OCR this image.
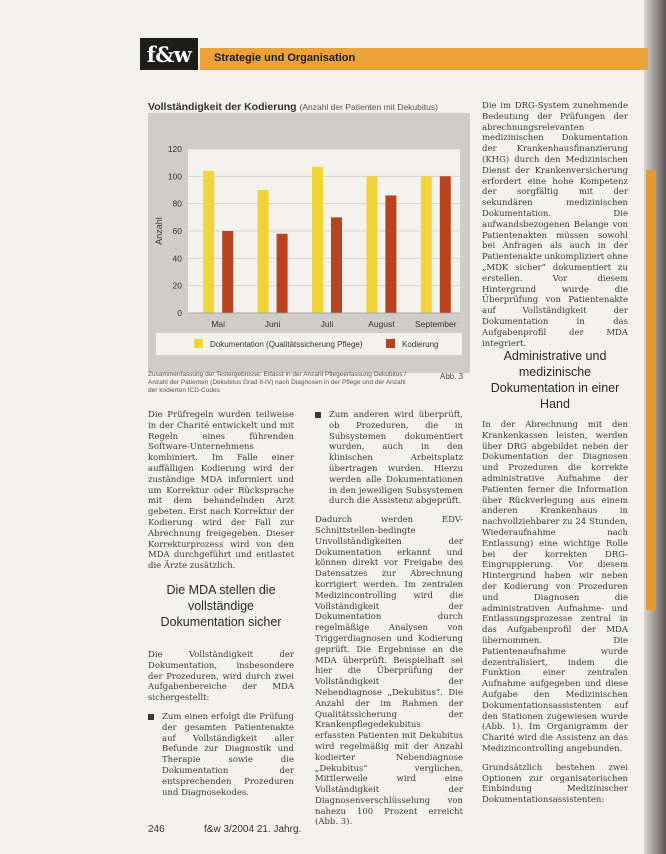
f&w	Strategie und Organisation
Vollständigkeit der Kodierung (Anzahl der Patienten mit Dekubitus)
0
20
40
60
80
100
120
Anzahl
Mai	Juni	Juli	August September
Dokumentation (Qualitätssicherung Pflege)	Kodierung
Zusammenfassung der Testergebnisse: Erfasst in der Anzahl Pflegeerfassung Dekubitus / Anzahl der Patienten (Dekubitus Grad II-IV) nach Diagnosen in der Pflege und der Anzahl der kodierten ICD-Codes
Abb. 3

Die Prüfregeln wurden teilweise in der Charité entwickelt und mit Regeln eines führenden Software-Unternehmens kombiniert. Im Falle einer auffälligen Kodierung wird der zuständige MDA informiert und um Korrektur oder Rücksprache mit dem behandelnden Arzt gebeten. Erst nach Korrektur der Kodierung wird der Fall zur Abrechnung freigegeben. Dieser Korrekturprozess wird von den MDA durchgeführt und entlastet die Ärzte zusätzlich.

Die MDA stellen die vollständige Dokumentation sicher

Die Vollständigkeit der Dokumentation, insbesondere der Prozeduren, wird durch zwei Aufgabenbereiche der MDA sichergestellt:

Zum einen erfolgt die Prüfung der gesamten Patientenakte auf Vollständigkeit aller Befunde zur Diagnostik und Therapie sowie die Dokumentation der entsprechenden Prozeduren und Diagnosekodes.
Zum anderen wird überprüft, ob Prozeduren, die in Subsystemen dokumentiert wurden, auch in den klinischen Arbeitsplatz übertragen wurden. Hierzu werden alle Dokumentationen in den jeweiligen Subsystemen durch die Assistenz abgeprüft.

Dadurch werden EDV-Schnittstellen-bedingte Unvollständigkeiten der Dokumentation erkannt und können direkt vor Freigabe des Datensatzes zur Abrechnung korrigiert werden. Im zentralen Medizincontrolling wird die Vollständigkeit der Dokumentation durch regelmäßige Analysen von Triggerdiagnosen und Kodierung geprüft. Die Ergebnisse an die MDA überprüft. Beispielhaft sei hier die Überprüfung der Vollständigkeit der Nebendiagnose „Dekubitus“. Die Anzahl der im Rahmen der Qualitätssicherung der Krankenpflegedekubitus erfassten Patienten mit Dekubitus wird regelmäßig mit der Anzahl kodierter Nebendiagnose „Dekubitus“ verglichen. Mittlerweile wird eine Vollständigkeit der Diagnosenverschlüsselung von nahezu 100 Prozent erreicht (Abb. 3).

Die im DRG-System zunehmende Bedeutung der Prüfungen der abrechnungsrelevanten medizinischen Dokumentation der Krankenhausfinanzierung (KHG) durch den Medizinischen Dienst der Krankenversicherung erfordert eine hohe Kompetenz der sorgfältig mit der sekundären medizinischen Dokumentation. Die aufwandsbezogenen Belange von Patientenakten müssen sowohl bei Anfragen als auch in der Patientenakte unkompliziert ohne „MDK sicher“ dokumentiert zu erstellen. Vor diesem Hintergrund wurde die Überprüfung von Patientenakte auf Vollständigkeit der Dokumentation in das Aufgabenprofil der MDA integriert.

Administrative und medizinische Dokumentation in einer Hand

In der Abrechnung mit den Krankenkassen leisten, werden über DRG abgebildet neben der Dokumentation der Diagnosen und Prozeduren die korrekte administrative Aufnahme der Patienten ferner die Information über Rückverlegung aus einem anderen Krankenhaus in nachvollziehbarer zu 24 Stunden, Wiederaufnahme nach Entlassung) eine wichtige Rolle bei der korrekten DRG-Eingruppierung. Vor diesem Hintergrund haben wir neben der Kodierung von Prozeduren und Diagnosen die administrativen Aufnahme- und Entlassungsprozesse zentral in das Aufgabenprofil der MDA übernommen. Die Patientenaufnahme wurde dezentralisiert, indem die Funktion einer zentralen Aufnahme aufgegeben und diese Aufgabe den Medizinischen Dokumentationsassistenten auf den Stationen zugewiesen wurde (Abb. 1). Im Organigramm der Charité wird die Assistenz an das Medizincontrolling angebunden.

Grundsätzlich bestehen zwei Optionen zur organisatorischen Einbindung Medizinischer Dokumentationsassistenten:

246	f&w 3/2004 21. Jahrg.
